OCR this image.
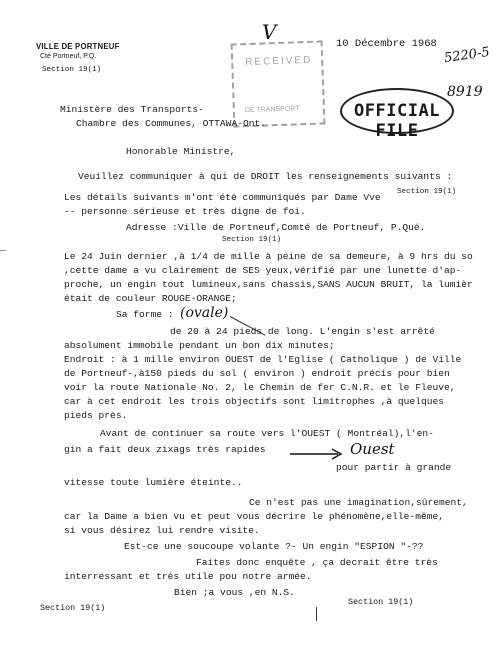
VILLE DE PORTNEUF
Cté Portneuf, P.Q.
Section 19(1)
V	10 Décembre 1968
5220-5
8919
RECEIVED
DE TRANSPORT	OFFICIAL FILE
Ministère des Transports-
Chambre des Communes, OTTAWA-Ont.
Honorable Ministre,
Veuillez communiquer à qui de DROIT les renseignements suivants :
Les détails suivants m'ont été communiqués par Dame Vve Section 19(1)
-- personne sérieuse et très digne de foi.
Adresse :Ville de Portneuf,Comté de Portneuf, P.Qué.
Section 19(1)
Le 24 Juin dernier ,à 1/4 de mille à peine de sa demeure, à 9 hrs du so
,cette dame a vu clairement de SES yeux,vérifié par une lunette d'ap-
proche, un engin tout lumineux,sans chassis,SANS AUCUN BRUIT, la lumièr
était de couleur ROUGE-ORANGE;
Sa forme : (ovale)
de 20 à 24 pieds de long. L'engin s'est arrêté
absolument immobile pendant un bon dix minutes;
Endroit : à 1 mille environ OUEST de l'Eglise ( Catholique ) de Ville
de Portneuf-,à150 pieds du sol ( environ ) endroit précis pour bien
voir la route Nationale No. 2, le Chemin de fer C.N.R. et le Fleuve,
car à cet endroit les trois objectifs sont limitrophes ,à quelques
pieds près.
Avant de continuer sa route vers l'OUEST ( Montréal),l'en-
gin a fait deux zixags très rapides	Ouest
pour partir à grande
vitesse toute lumière éteinte..
Ce n'est pas une imagination,sûrement,
car la Dame a bien vu et peut vous décrire le phénomène,elle-même,
si vous désirez lui rendre visite.
Est-ce une soucoupe volante ?- Un engin "ESPION "-??
Faites donc enquête , ça decrait être très
interressant et très utile pou notre armée.
Bien ;a vous ,en N.S.
Section 19(1)
Section 19(1)
